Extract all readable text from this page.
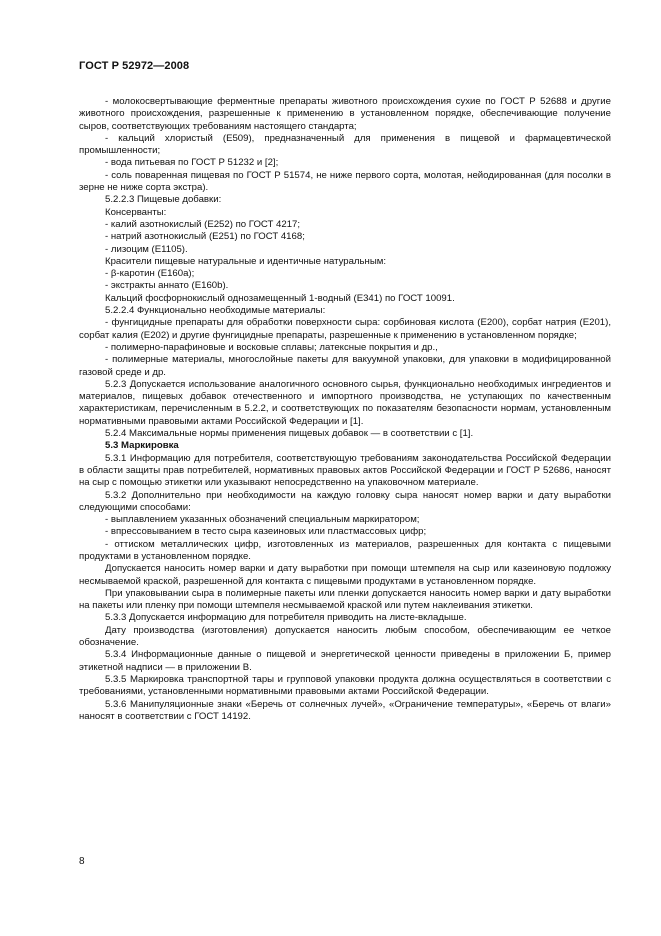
ГОСТ Р 52972—2008

- молокосвертывающие ферментные препараты животного происхождения сухие по ГОСТ Р 52688 и другие животного происхождения, разрешенные к применению в установленном порядке, обеспечивающие получение сыров, соответствующих требованиям настоящего стандарта;

- кальций хлористый (Е509), предназначенный для применения в пищевой и фармацевтической промышленности;

- вода питьевая по ГОСТ Р 51232 и [2];

- соль поваренная пищевая по ГОСТ Р 51574, не ниже первого сорта, молотая, нейодированная (для посолки в зерне не ниже сорта экстра).

5.2.2.3 Пищевые добавки:

Консерванты:

- калий азотнокислый (Е252) по ГОСТ 4217;

- натрий азотнокислый (Е251) по ГОСТ 4168;

- лизоцим (Е1105).

Красители пищевые натуральные и идентичные натуральным:

- β-каротин (Е160а);

- экстракты аннато (Е160b).

Кальций фосфорнокислый однозамещенный 1-водный (Е341) по ГОСТ 10091.

5.2.2.4 Функционально необходимые материалы:

- фунгицидные препараты для обработки поверхности сыра: сорбиновая кислота (Е200), сорбат натрия (Е201), сорбат калия (Е202) и другие фунгицидные препараты, разрешенные к применению в установленном порядке;

- полимерно-парафиновые и восковые сплавы; латексные покрытия и др.,

- полимерные материалы, многослойные пакеты для вакуумной упаковки, для упаковки в модифицированной газовой среде и др.

5.2.3 Допускается использование аналогичного основного сырья, функционально необходимых ингредиентов и материалов, пищевых добавок отечественного и импортного производства, не уступающих по качественным характеристикам, перечисленным в 5.2.2, и соответствующих по показателям безопасности нормам, установленным нормативными правовыми актами Российской Федерации и [1].

5.2.4 Максимальные нормы применения пищевых добавок — в соответствии с [1].

5.3 Маркировка

5.3.1 Информацию для потребителя, соответствующую требованиям законодательства Российской Федерации в области защиты прав потребителей, нормативных правовых актов Российской Федерации и ГОСТ Р 52686, наносят на сыр с помощью этикетки или указывают непосредственно на упаковочном материале.

5.3.2 Дополнительно при необходимости на каждую головку сыра наносят номер варки и дату выработки следующими способами:

- выплавлением указанных обозначений специальным маркиратором;

- впрессовыванием в тесто сыра казеиновых или пластмассовых цифр;

- оттиском металлических цифр, изготовленных из материалов, разрешенных для контакта с пищевыми продуктами в установленном порядке.

Допускается наносить номер варки и дату выработки при помощи штемпеля на сыр или казеиновую подложку несмываемой краской, разрешенной для контакта с пищевыми продуктами в установленном порядке.

При упаковывании сыра в полимерные пакеты или пленки допускается наносить номер варки и дату выработки на пакеты или пленку при помощи штемпеля несмываемой краской или путем наклеивания этикетки.

5.3.3 Допускается информацию для потребителя приводить на листе-вкладыше.

Дату производства (изготовления) допускается наносить любым способом, обеспечивающим ее четкое обозначение.

5.3.4 Информационные данные о пищевой и энергетической ценности приведены в приложении Б, пример этикетной надписи — в приложении В.

5.3.5 Маркировка транспортной тары и групповой упаковки продукта должна осуществляться в соответствии с требованиями, установленными нормативными правовыми актами Российской Федерации.

5.3.6 Манипуляционные знаки «Беречь от солнечных лучей», «Ограничение температуры», «Беречь от влаги» наносят в соответствии с ГОСТ 14192.

8
